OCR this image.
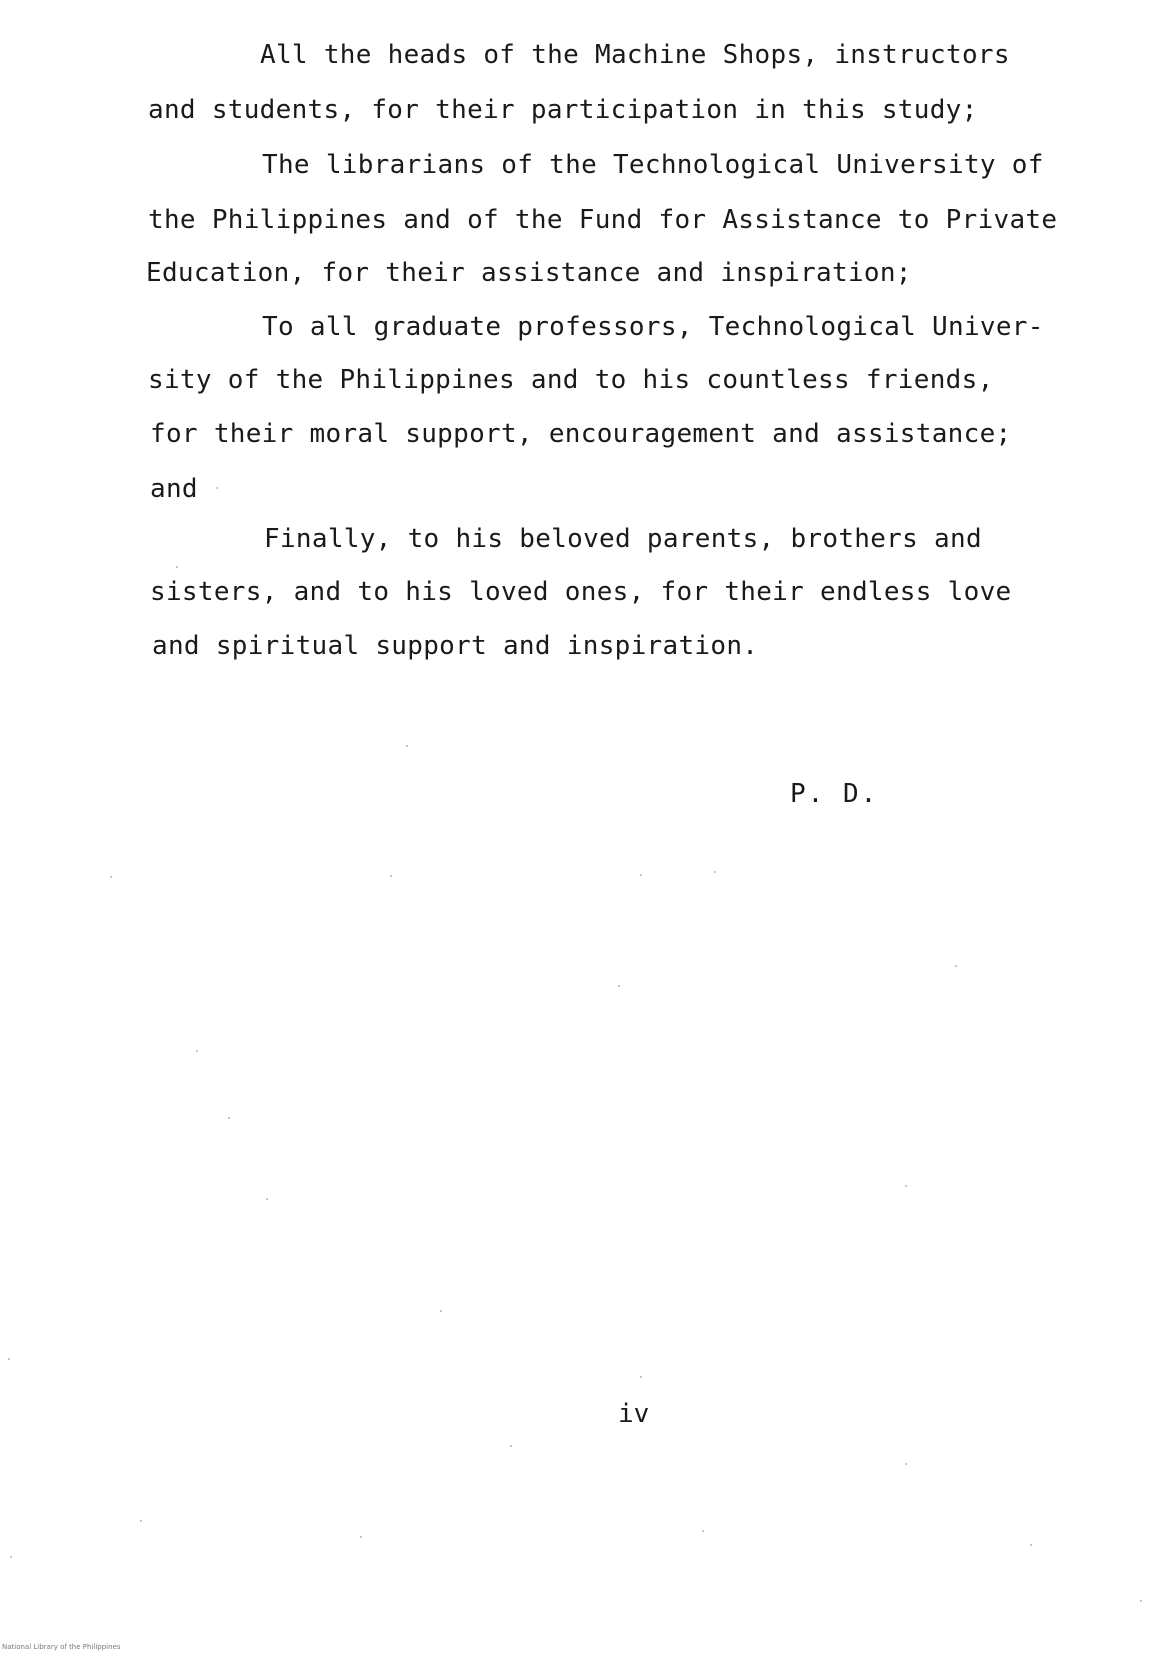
All the heads of the Machine Shops, instructors
and students, for their participation in this study;
The librarians of the Technological University of
the Philippines and of the Fund for Assistance to Private
Education, for their assistance and inspiration;
To all graduate professors, Technological Univer-
sity of the Philippines and to his countless friends,
for their moral support, encouragement and assistance;
and
Finally, to his beloved parents, brothers and
sisters, and to his loved ones, for their endless love
and spiritual support and inspiration.
P. D.
iv
National Library of the Philippines
